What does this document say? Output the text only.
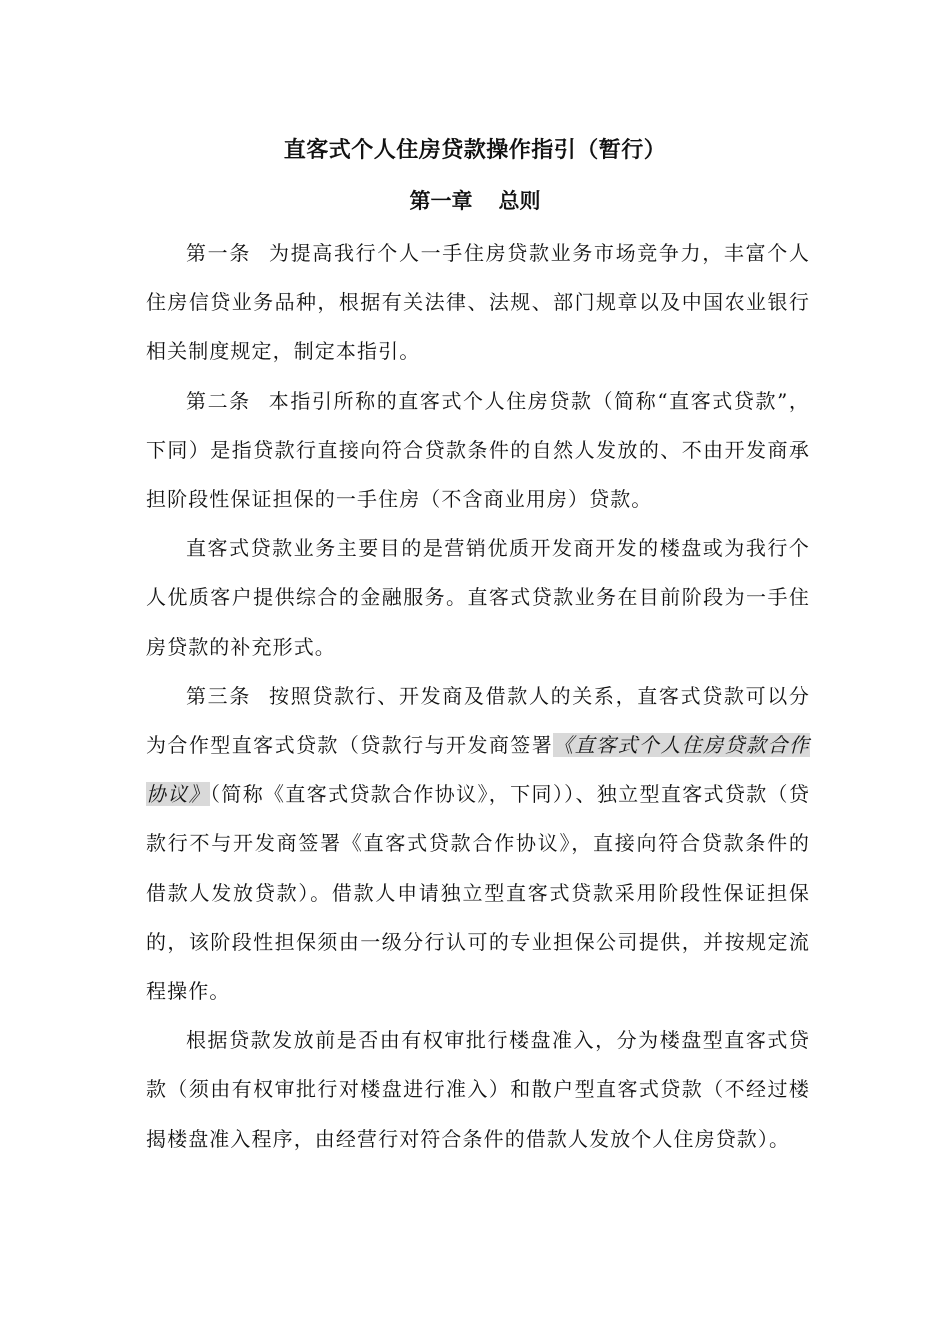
直客式个人住房贷款操作指引（暂行）
第一章 总则

第一条 为提高我行个人一手住房贷款业务市场竞争力，丰富个人住房信贷业务品种，根据有关法律、法规、部门规章以及中国农业银行相关制度规定，制定本指引。

第二条 本指引所称的直客式个人住房贷款（简称“直客式贷款”，下同）是指贷款行直接向符合贷款条件的自然人发放的、不由开发商承担阶段性保证担保的一手住房（不含商业用房）贷款。

直客式贷款业务主要目的是营销优质开发商开发的楼盘或为我行个人优质客户提供综合的金融服务。直客式贷款业务在目前阶段为一手住房贷款的补充形式。

第三条 按照贷款行、开发商及借款人的关系，直客式贷款可以分为合作型直客式贷款（贷款行与开发商签署《直客式个人住房贷款合作协议》（简称《直客式贷款合作协议》，下同））、独立型直客式贷款（贷款行不与开发商签署《直客式贷款合作协议》，直接向符合贷款条件的借款人发放贷款）。借款人申请独立型直客式贷款采用阶段性保证担保的，该阶段性担保须由一级分行认可的专业担保公司提供，并按规定流程操作。

根据贷款发放前是否由有权审批行楼盘准入，分为楼盘型直客式贷款（须由有权审批行对楼盘进行准入）和散户型直客式贷款（不经过楼揭楼盘准入程序，由经营行对符合条件的借款人发放个人住房贷款）。
